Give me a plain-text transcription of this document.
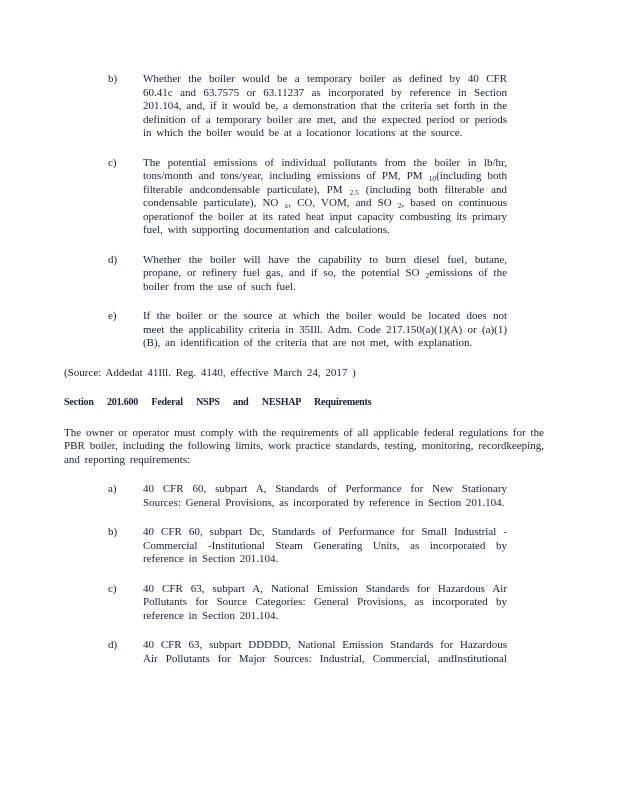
b)	Whether the boiler would be a temporary boiler as defined by 40 CFR 60.41c and 63.7575 or 63.11237 as incorporated by reference in Section 201.104, and, if it would be, a demonstration that the criteria set forth in the definition of a temporary boiler are met, and the expected period or periods in which the boiler would be at a locationor locations at the source.
c)	The potential emissions of individual pollutants from the boiler in lb/hr, tons/month and tons/year, including emissions of PM, PM $_{10}$(including both filterable andcondensable particulate), PM $_{2.5}$ (including both filterable and condensable particulate), NO $_x$, CO, VOM, and SO $_2$, based on continuous operationof the boiler at its rated heat input capacity combusting its primary fuel, with supporting documentation and calculations.
d)	Whether the boiler will have the capability to burn diesel fuel, butane, propane, or refinery fuel gas, and if so, the potential SO $_2$emissions of the boiler from the use of such fuel.
e)	If the boiler or the source at which the boiler would be located does not meet the applicability criteria in 35Ill. Adm. Code 217.150(a)(1)(A) or (a)(1)(B), an identification of the criteria that are not met, with explanation.

(Source: Addedat 41Ill. Reg. 4140, effective March 24, 2017 )

Section 201.600 Federal NSPS and NESHAP Requirements

The owner or operator must comply with the requirements of all applicable federal regulations for the PBR boiler, including the following limits, work practice standards, testing, monitoring, recordkeeping, and reporting requirements:

a)	40 CFR 60, subpart A, Standards of Performance for New Stationary Sources: General Provisions, as incorporated by reference in Section 201.104.
b)	40 CFR 60, subpart Dc, Standards of Performance for Small Industrial - Commercial -Institutional Steam Generating Units, as incorporated by reference in Section 201.104.
c)	40 CFR 63, subpart A, National Emission Standards for Hazardous Air Pollutants for Source Categories: General Provisions, as incorporated by reference in Section 201.104.
d)	40 CFR 63, subpart DDDDD, National Emission Standards for Hazardous Air Pollutants for Major Sources: Industrial, Commercial, andInstitutional
